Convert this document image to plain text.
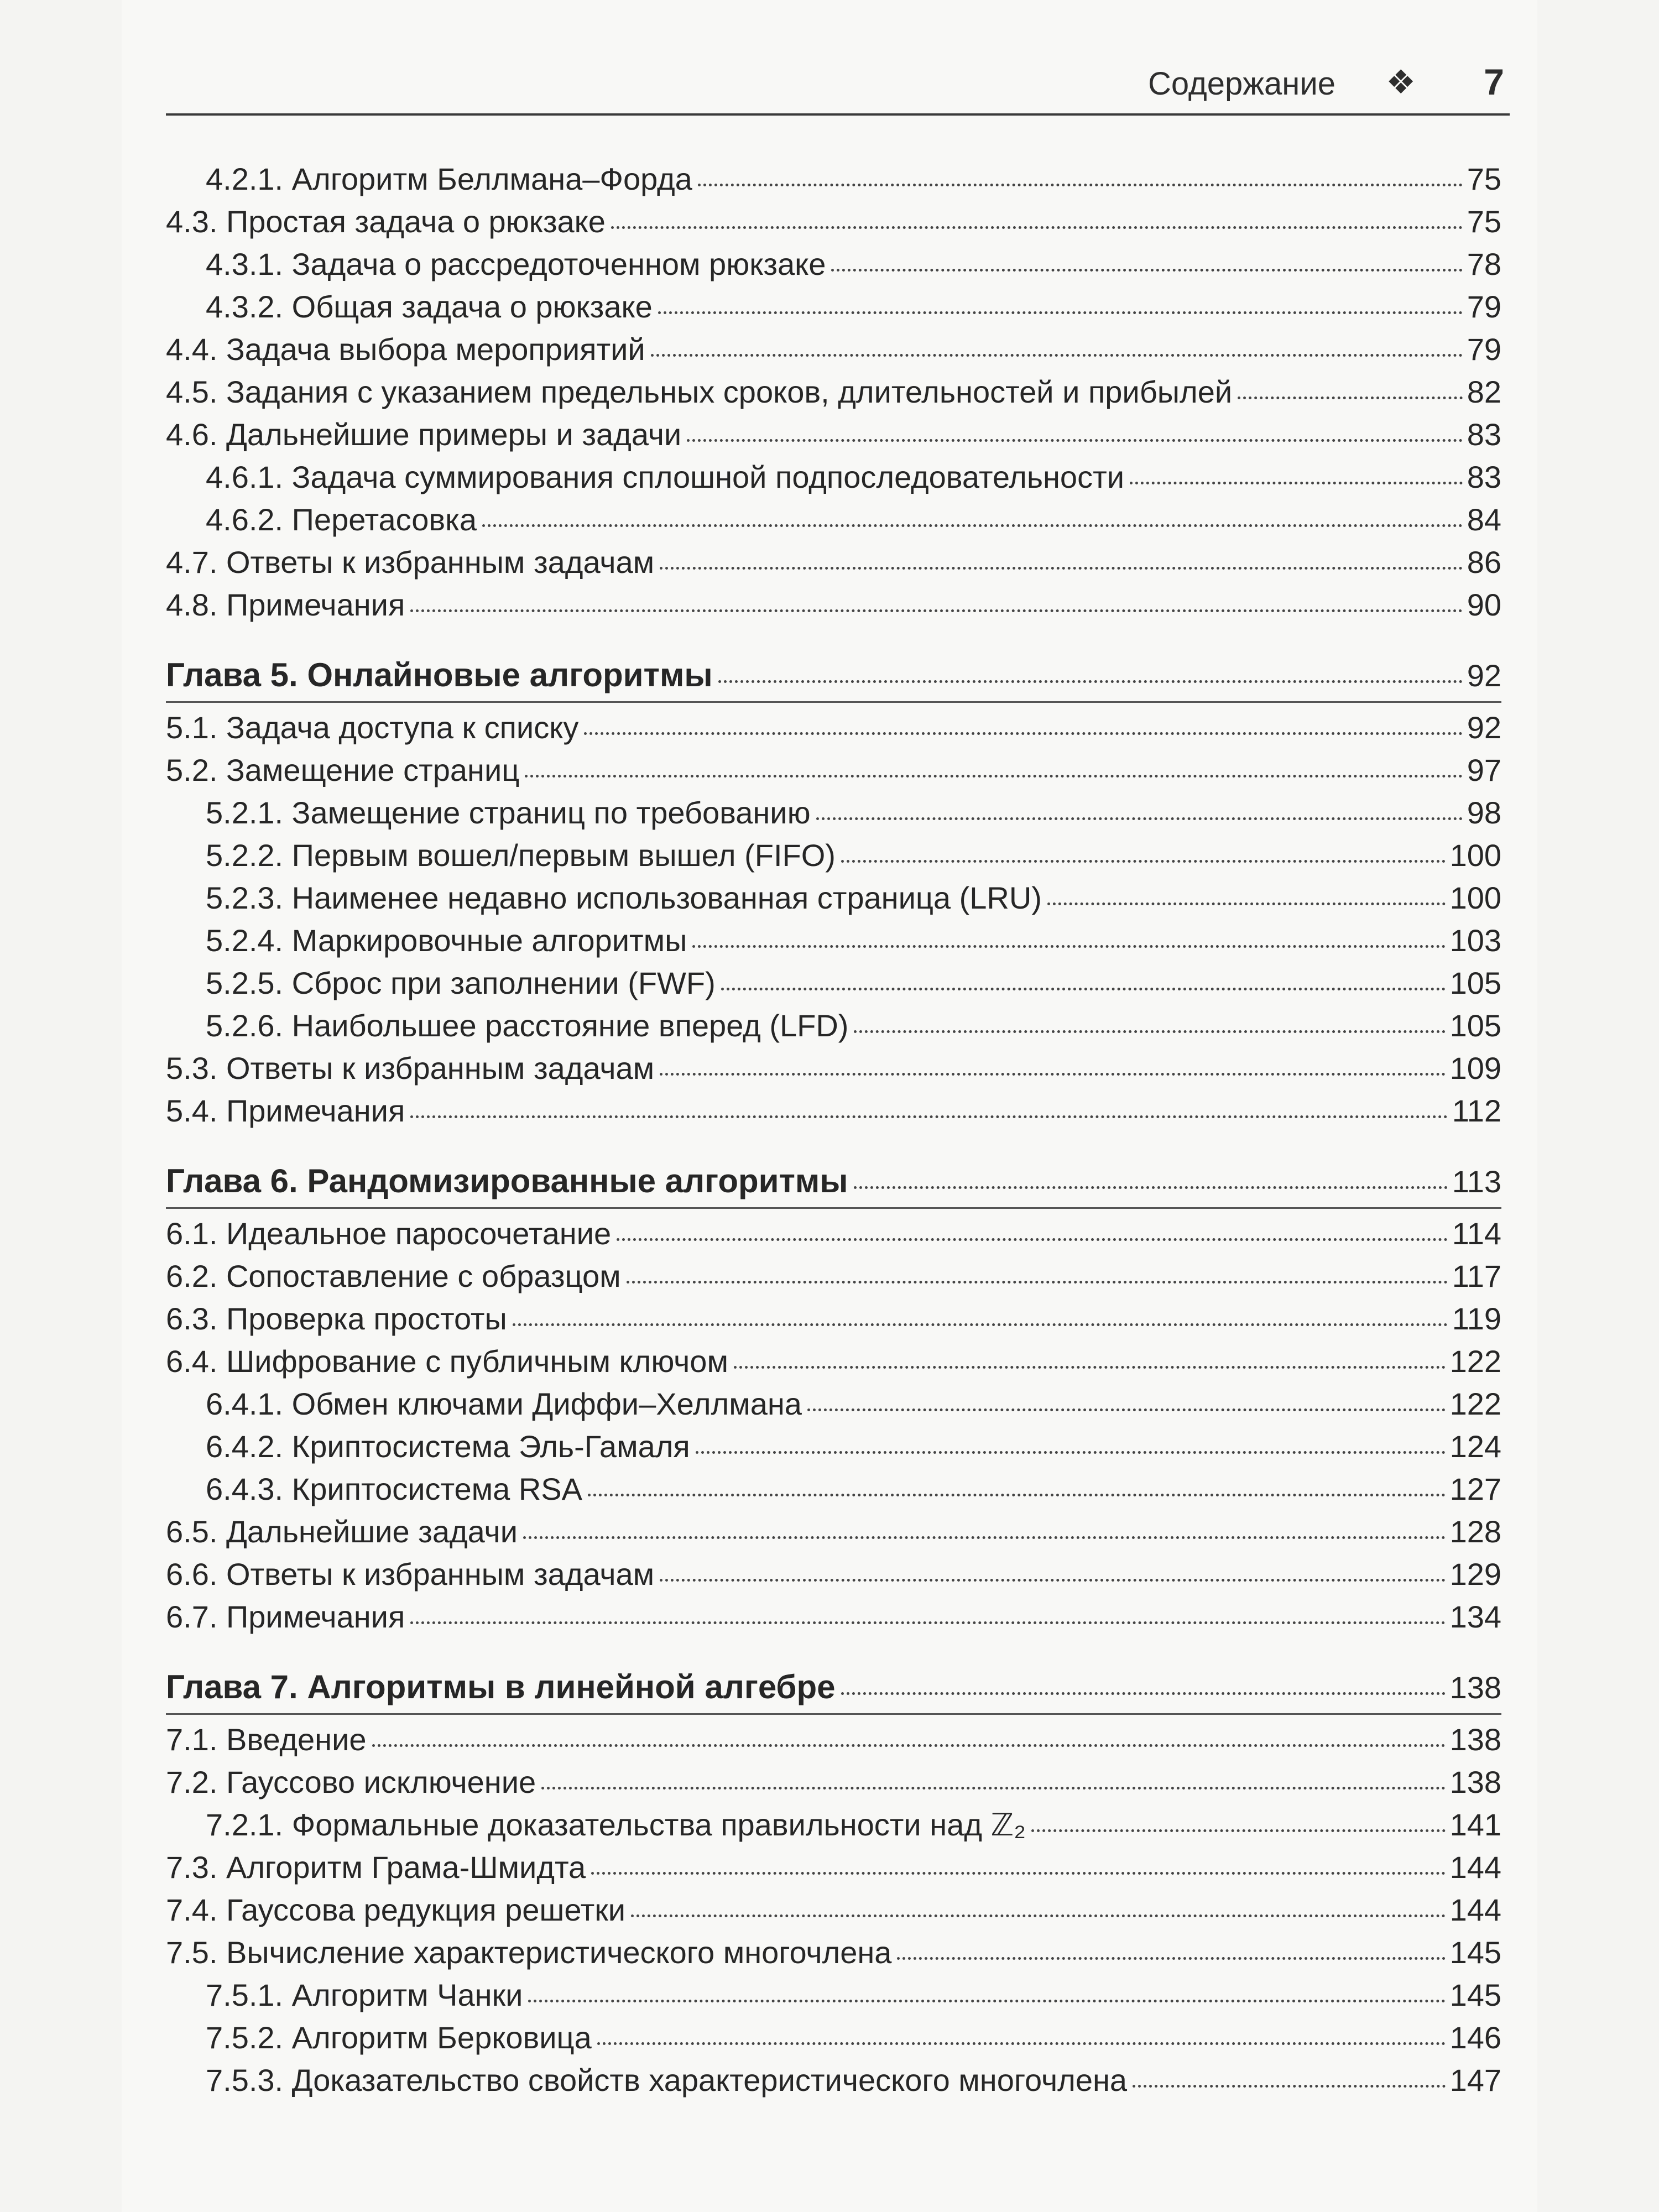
Содержание ❖ 7
4.2.1. Алгоритм Беллмана–Форда	75
4.3. Простая задача о рюкзаке	75
4.3.1. Задача о рассредоточенном рюкзаке	78
4.3.2. Общая задача о рюкзаке	79
4.4. Задача выбора мероприятий	79
4.5. Задания с указанием предельных сроков, длительностей и прибылей	82
4.6. Дальнейшие примеры и задачи	83
4.6.1. Задача суммирования сплошной подпоследовательности	83
4.6.2. Перетасовка	84
4.7. Ответы к избранным задачам	86
4.8. Примечания	90
Глава 5. Онлайновые алгоритмы	92
5.1. Задача доступа к списку	92
5.2. Замещение страниц	97
5.2.1. Замещение страниц по требованию	98
5.2.2. Первым вошел/первым вышел (FIFO)	100
5.2.3. Наименее недавно использованная страница (LRU)	100
5.2.4. Маркировочные алгоритмы	103
5.2.5. Сброс при заполнении (FWF)	105
5.2.6. Наибольшее расстояние вперед (LFD)	105
5.3. Ответы к избранным задачам	109
5.4. Примечания	112
Глава 6. Рандомизированные алгоритмы	113
6.1. Идеальное паросочетание	114
6.2. Сопоставление с образцом	117
6.3. Проверка простоты	119
6.4. Шифрование с публичным ключом	122
6.4.1. Обмен ключами Диффи–Хеллмана	122
6.4.2. Криптосистема Эль-Гамаля	124
6.4.3. Криптосистема RSA	127
6.5. Дальнейшие задачи	128
6.6. Ответы к избранным задачам	129
6.7. Примечания	134
Глава 7. Алгоритмы в линейной алгебре	138
7.1. Введение	138
7.2. Гауссово исключение	138
7.2.1. Формальные доказательства правильности над ℤ₂	141
7.3. Алгоритм Грама-Шмидта	144
7.4. Гауссова редукция решетки	144
7.5. Вычисление характеристического многочлена	145
7.5.1. Алгоритм Чанки	145
7.5.2. Алгоритм Берковица	146
7.5.3. Доказательство свойств характеристического многочлена	147
